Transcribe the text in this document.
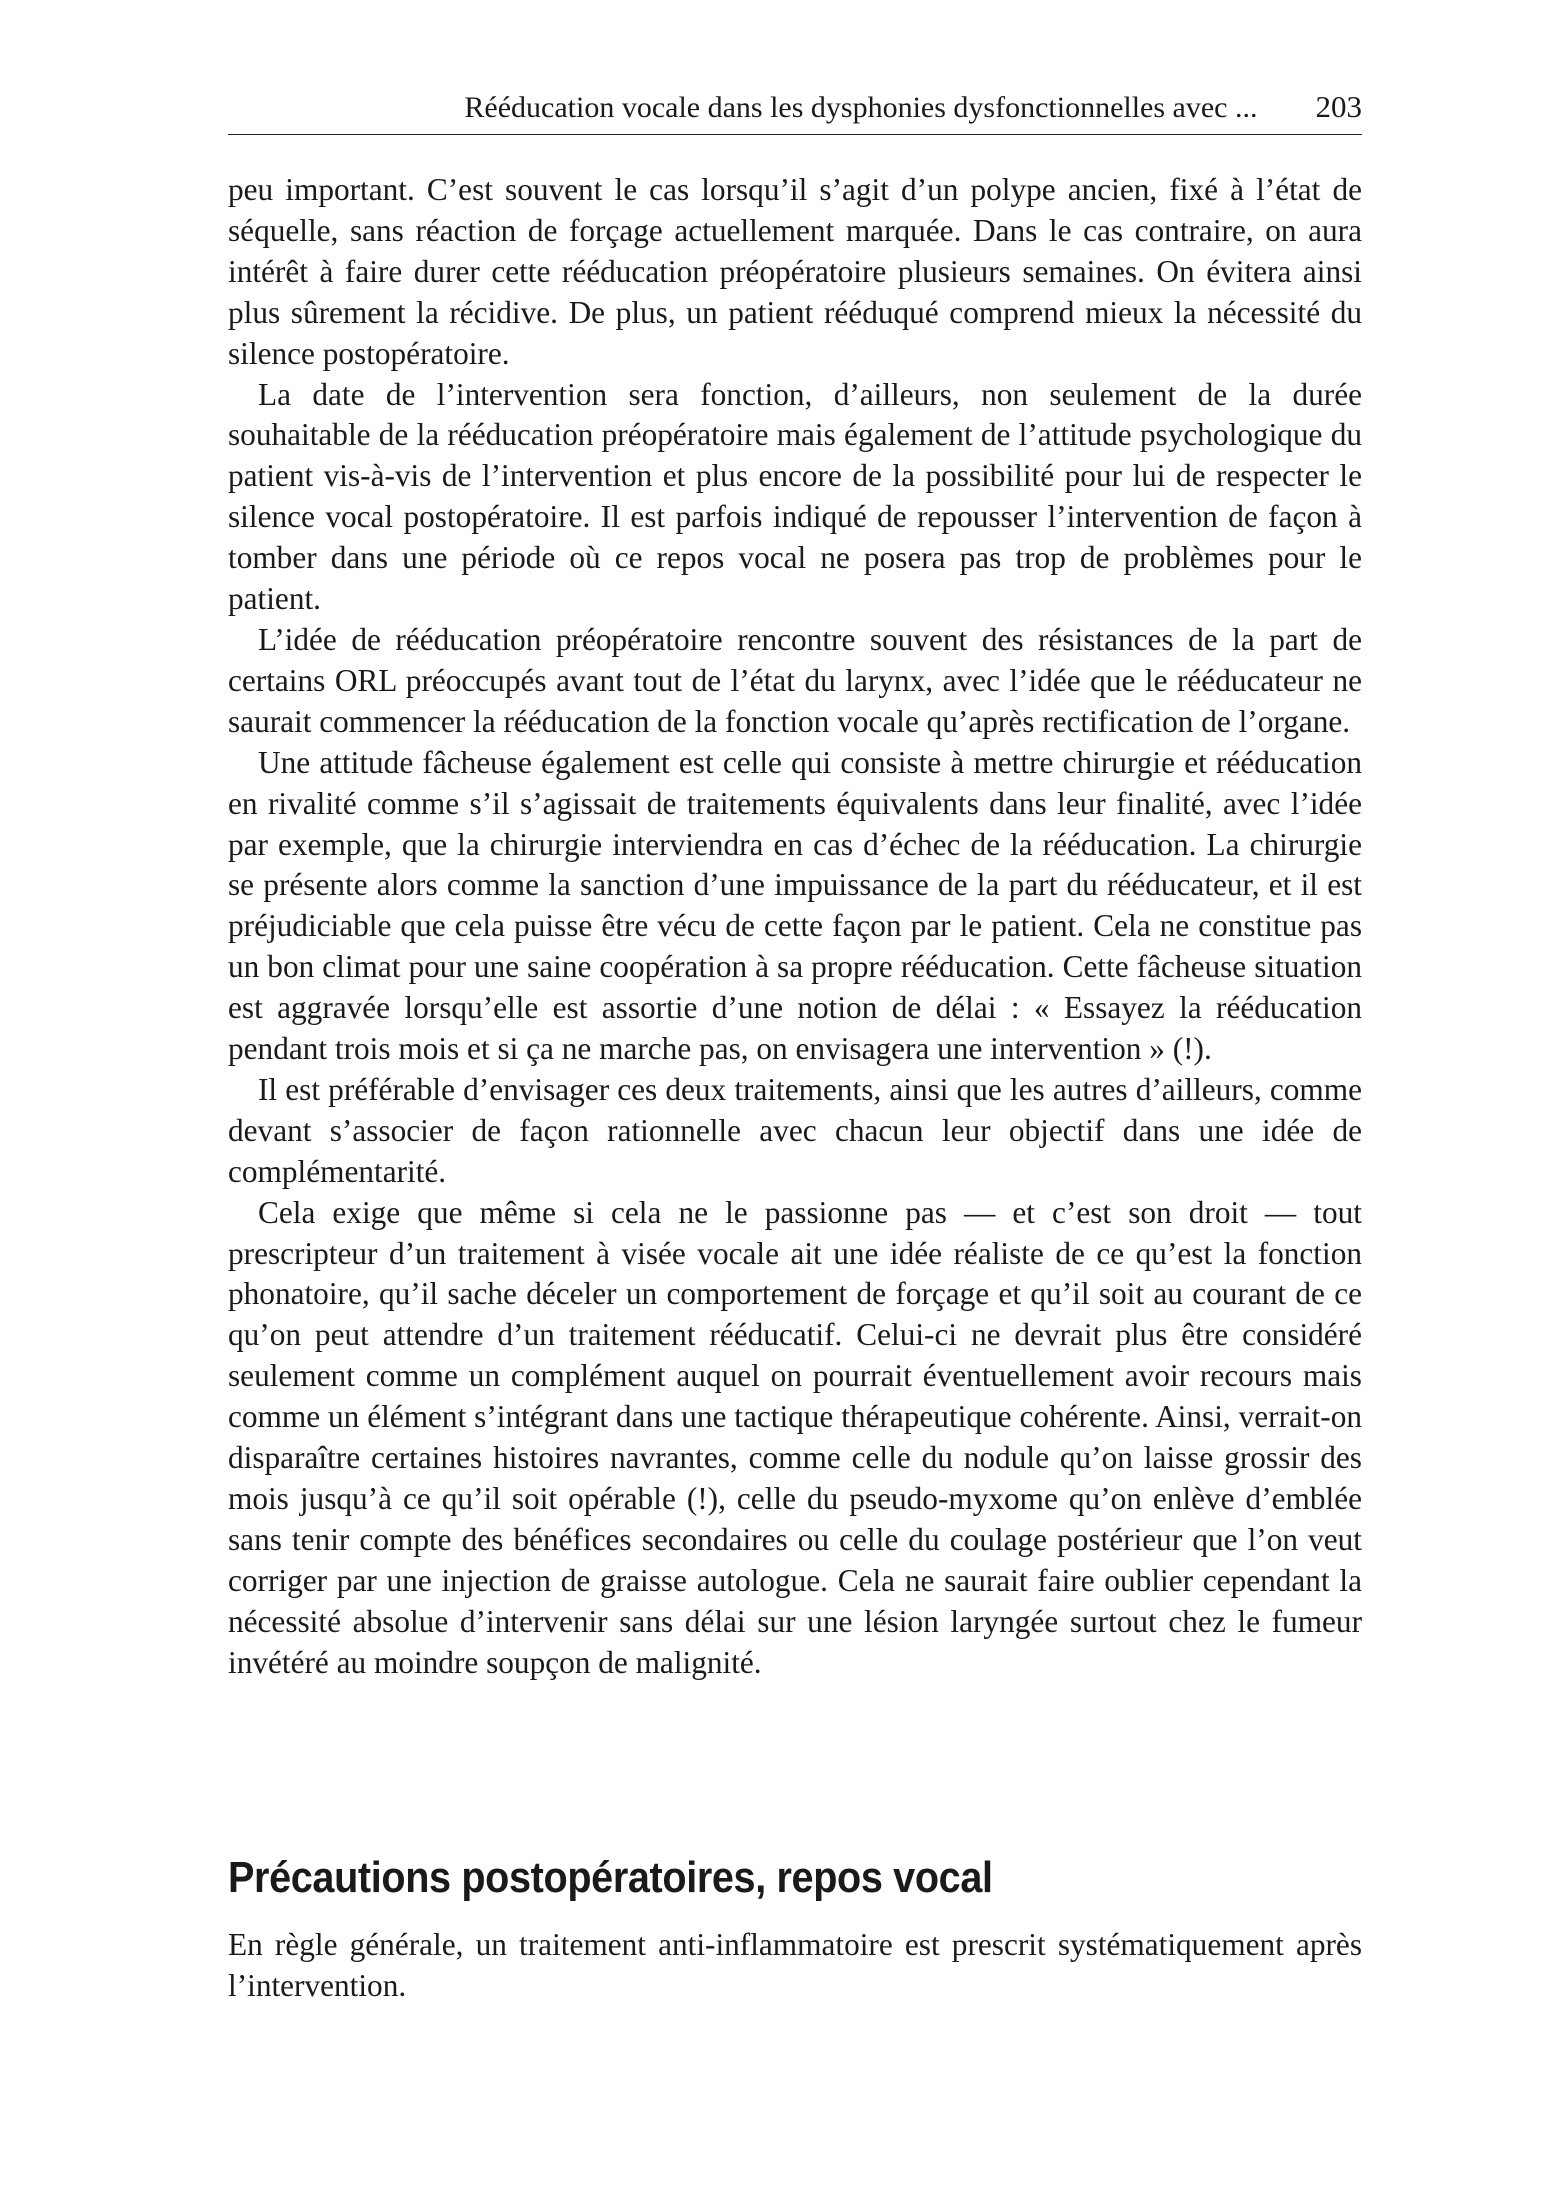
Rééducation vocale dans les dysphonies dysfonctionnelles avec ... 203

peu important. C’est souvent le cas lorsqu’il s’agit d’un polype ancien, fixé à l’état de séquelle, sans réaction de forçage actuellement marquée. Dans le cas contraire, on aura intérêt à faire durer cette rééducation préopératoire plusieurs semaines. On évitera ainsi plus sûrement la récidive. De plus, un patient rééduqué comprend mieux la nécessité du silence postopératoire.

La date de l’intervention sera fonction, d’ailleurs, non seulement de la durée souhaitable de la rééducation préopératoire mais également de l’attitude psychologique du patient vis-à-vis de l’intervention et plus encore de la possibilité pour lui de respecter le silence vocal postopératoire. Il est parfois indiqué de repousser l’intervention de façon à tomber dans une période où ce repos vocal ne posera pas trop de problèmes pour le patient.

L’idée de rééducation préopératoire rencontre souvent des résistances de la part de certains ORL préoccupés avant tout de l’état du larynx, avec l’idée que le rééducateur ne saurait commencer la rééducation de la fonction vocale qu’après rectification de l’organe.

Une attitude fâcheuse également est celle qui consiste à mettre chirurgie et rééducation en rivalité comme s’il s’agissait de traitements équivalents dans leur finalité, avec l’idée par exemple, que la chirurgie interviendra en cas d’échec de la rééducation. La chirurgie se présente alors comme la sanction d’une impuissance de la part du rééducateur, et il est préjudiciable que cela puisse être vécu de cette façon par le patient. Cela ne constitue pas un bon climat pour une saine coopération à sa propre rééducation. Cette fâcheuse situation est aggravée lorsqu’elle est assortie d’une notion de délai : « Essayez la rééducation pendant trois mois et si ça ne marche pas, on envisagera une intervention » (!).

Il est préférable d’envisager ces deux traitements, ainsi que les autres d’ailleurs, comme devant s’associer de façon rationnelle avec chacun leur objectif dans une idée de complémentarité.

Cela exige que même si cela ne le passionne pas — et c’est son droit — tout prescripteur d’un traitement à visée vocale ait une idée réaliste de ce qu’est la fonction phonatoire, qu’il sache déceler un comportement de forçage et qu’il soit au courant de ce qu’on peut attendre d’un traitement rééducatif. Celui-ci ne devrait plus être considéré seulement comme un complément auquel on pourrait éventuellement avoir recours mais comme un élément s’intégrant dans une tactique thérapeutique cohérente. Ainsi, verrait-on disparaître certaines histoires navrantes, comme celle du nodule qu’on laisse grossir des mois jusqu’à ce qu’il soit opérable (!), celle du pseudo-myxome qu’on enlève d’emblée sans tenir compte des bénéfices secondaires ou celle du coulage postérieur que l’on veut corriger par une injection de graisse autologue. Cela ne saurait faire oublier cependant la nécessité absolue d’intervenir sans délai sur une lésion laryngée surtout chez le fumeur invétéré au moindre soupçon de malignité.

Précautions postopératoires, repos vocal

En règle générale, un traitement anti-inflammatoire est prescrit systématiquement après l’intervention.
